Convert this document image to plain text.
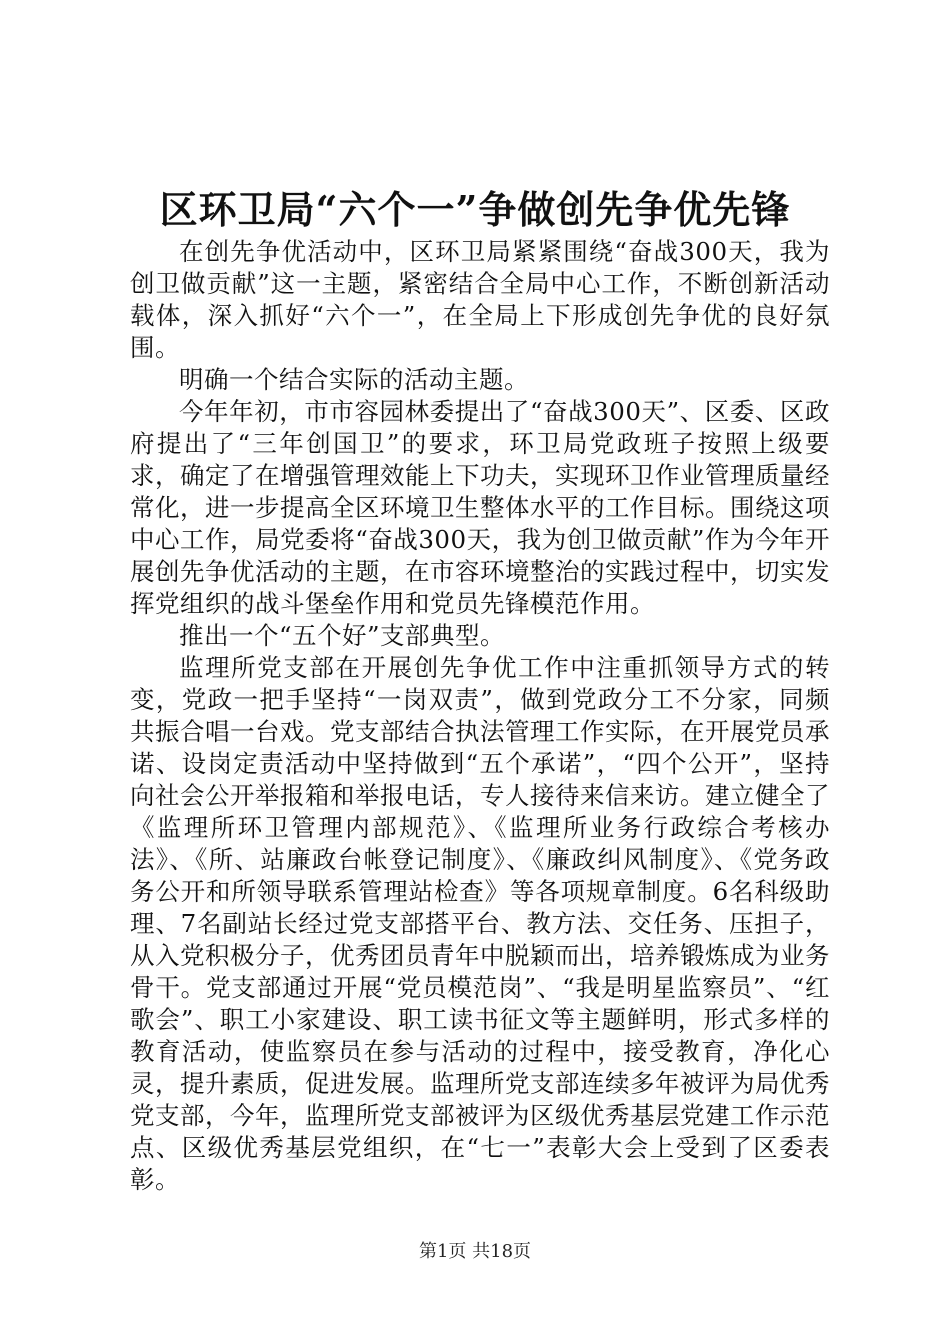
区环卫局“六个一”争做创先争优先锋

在创先争优活动中，区环卫局紧紧围绕“奋战300天，我为创卫做贡献”这一主题，紧密结合全局中心工作，不断创新活动载体，深入抓好“六个一”，在全局上下形成创先争优的良好氛围。

明确一个结合实际的活动主题。

今年年初，市市容园林委提出了“奋战300天”、区委、区政府提出了“三年创国卫”的要求，环卫局党政班子按照上级要求，确定了在增强管理效能上下功夫，实现环卫作业管理质量经常化，进一步提高全区环境卫生整体水平的工作目标。围绕这项中心工作，局党委将“奋战300天，我为创卫做贡献”作为今年开展创先争优活动的主题，在市容环境整治的实践过程中，切实发挥党组织的战斗堡垒作用和党员先锋模范作用。

推出一个“五个好”支部典型。

监理所党支部在开展创先争优工作中注重抓领导方式的转变，党政一把手坚持“一岗双责”，做到党政分工不分家，同频共振合唱一台戏。党支部结合执法管理工作实际，在开展党员承诺、设岗定责活动中坚持做到“五个承诺”，“四个公开”，坚持向社会公开举报箱和举报电话，专人接待来信来访。建立健全了《监理所环卫管理内部规范》、《监理所业务行政综合考核办法》、《所、站廉政台帐登记制度》、《廉政纠风制度》、《党务政务公开和所领导联系管理站检查》等各项规章制度。6名科级助理、7名副站长经过党支部搭平台、教方法、交任务、压担子，从入党积极分子，优秀团员青年中脱颖而出，培养锻炼成为业务骨干。党支部通过开展“党员模范岗”、“我是明星监察员”、“红歌会”、职工小家建设、职工读书征文等主题鲜明，形式多样的教育活动，使监察员在参与活动的过程中，接受教育，净化心灵，提升素质，促进发展。监理所党支部连续多年被评为局优秀党支部，今年，监理所党支部被评为区级优秀基层党建工作示范点、区级优秀基层党组织，在“七一”表彰大会上受到了区委表彰。

第1页 共18页
